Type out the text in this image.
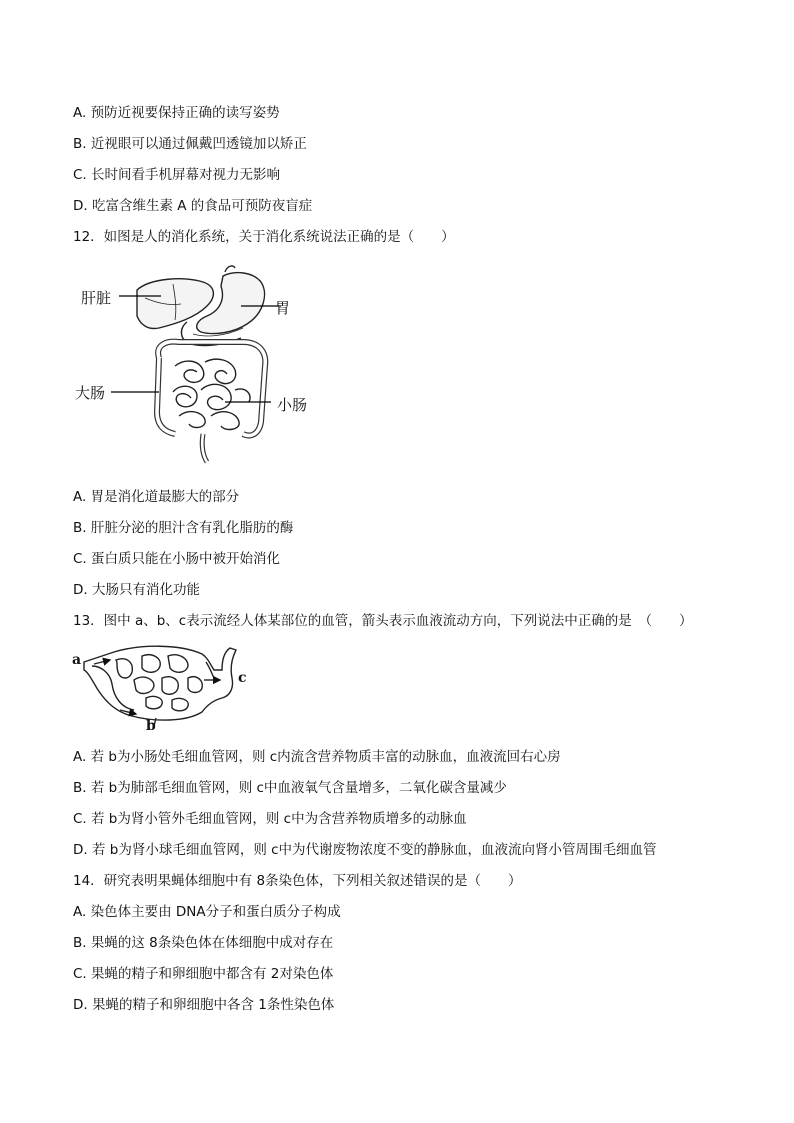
A. 预防近视要保持正确的读写姿势
B. 近视眼可以通过佩戴凹透镜加以矫正
C. 长时间看手机屏幕对视力无影响
D. 吃富含维生素 A 的食品可预防夜盲症
12．如图是人的消化系统，关于消化系统说法正确的是（　　）
肝脏
胃
大肠
小肠
A. 胃是消化道最膨大的部分
B. 肝脏分泌的胆汁含有乳化脂肪的酶
C. 蛋白质只能在小肠中被开始消化
D. 大肠只有消化功能
13．图中 a、b、c表示流经人体某部位的血管，箭头表示血液流动方向，下列说法中正确的是　（　　）
a
c
b
A. 若 b为小肠处毛细血管网，则 c内流含营养物质丰富的动脉血，血液流回右心房
B. 若 b为肺部毛细血管网，则 c中血液氧气含量增多，二氧化碳含量减少
C. 若 b为肾小管外毛细血管网，则 c中为含营养物质增多的动脉血
D. 若 b为肾小球毛细血管网，则 c中为代谢废物浓度不变的静脉血，血液流向肾小管周围毛细血管
14．研究表明果蝇体细胞中有 8条染色体，下列相关叙述错误的是（　　）
A. 染色体主要由 DNA分子和蛋白质分子构成
B. 果蝇的这 8条染色体在体细胞中成对存在
C. 果蝇的精子和卵细胞中都含有 2对染色体
D. 果蝇的精子和卵细胞中各含 1条性染色体
